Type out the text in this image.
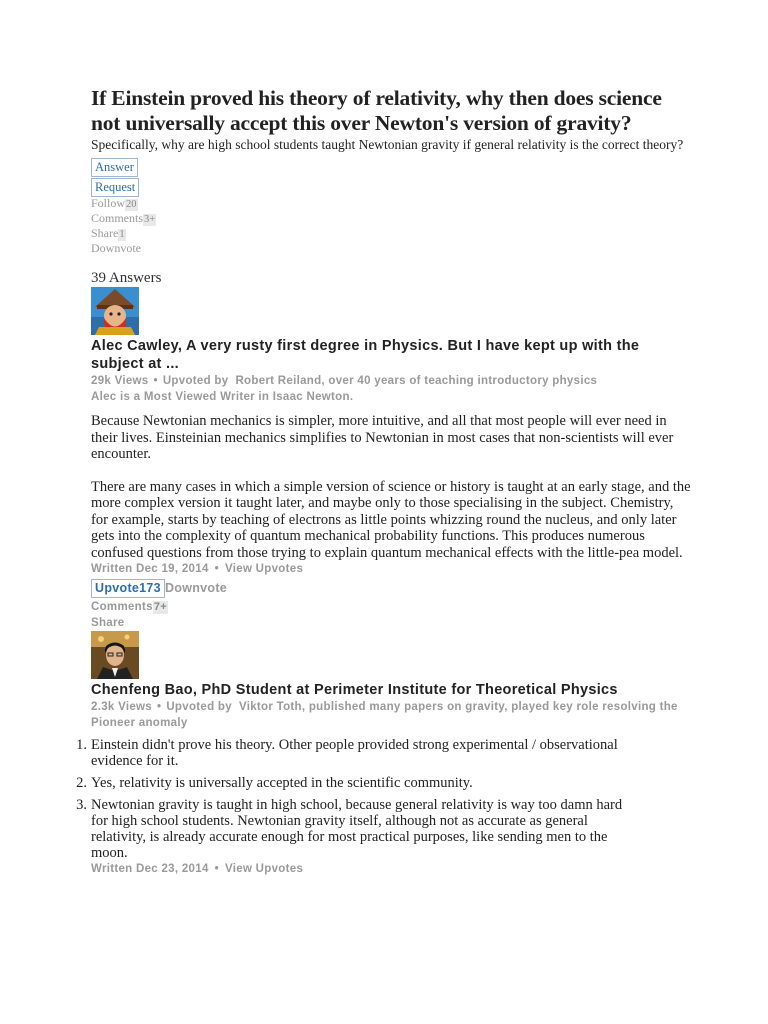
If Einstein proved his theory of relativity, why then does science not universally accept this over Newton's version of gravity?
Specifically, why are high school students taught Newtonian gravity if general relativity is the correct theory?
Answer
Request
Follow20
Comments3+
Share1
Downvote
39 Answers
Alec Cawley, A very rusty first degree in Physics. But I have kept up with the subject at ...
29k Views • Upvoted by Robert Reiland, over 40 years of teaching introductory physics
Alec is a Most Viewed Writer in Isaac Newton.

Because Newtonian mechanics is simpler, more intuitive, and all that most people will ever need in their lives. Einsteinian mechanics simplifies to Newtonian in most cases that non-scientists will ever encounter.

There are many cases in which a simple version of science or history is taught at an early stage, and the more complex version it taught later, and maybe only to those specialising in the subject. Chemistry, for example, starts by teaching of electrons as little points whizzing round the nucleus, and only later gets into the complexity of quantum mechanical probability functions. This produces numerous confused questions from those trying to explain quantum mechanical effects with the little-pea model.

Written Dec 19, 2014 • View Upvotes
Upvote173 Downvote
Comments7+
Share
Chenfeng Bao, PhD Student at Perimeter Institute for Theoretical Physics
2.3k Views • Upvoted by Viktor Toth, published many papers on gravity, played key role resolving the Pioneer anomaly
1. Einstein didn't prove his theory. Other people provided strong experimental / observational evidence for it.
2. Yes, relativity is universally accepted in the scientific community.
3. Newtonian gravity is taught in high school, because general relativity is way too damn hard for high school students. Newtonian gravity itself, although not as accurate as general relativity, is already accurate enough for most practical purposes, like sending men to the moon.
Written Dec 23, 2014 • View Upvotes
